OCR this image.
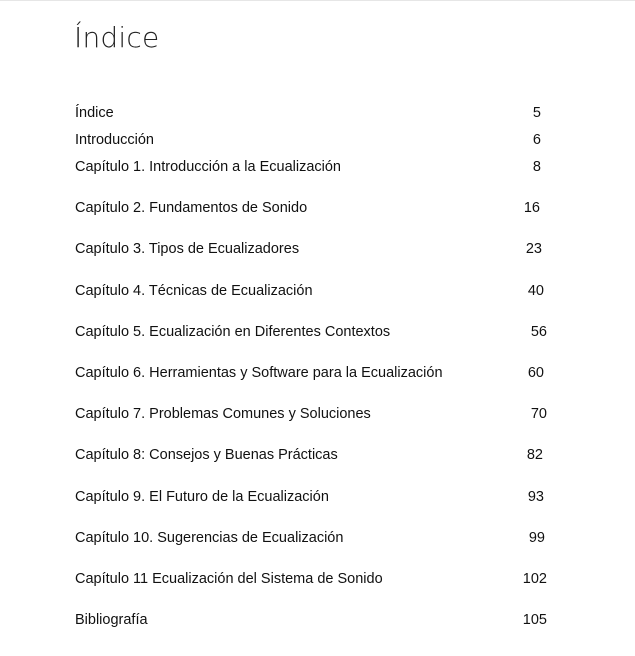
Índice
Índice	5
Introducción	6
Capítulo 1. Introducción a la Ecualización	8
Capítulo 2. Fundamentos de Sonido	16
Capítulo 3. Tipos de Ecualizadores	23
Capítulo 4. Técnicas de Ecualización	40
Capítulo 5. Ecualización en Diferentes Contextos	56
Capítulo 6. Herramientas y Software para la Ecualización	60
Capítulo 7. Problemas Comunes y Soluciones	70
Capítulo 8: Consejos y Buenas Prácticas	82
Capítulo 9. El Futuro de la Ecualización	93
Capítulo 10. Sugerencias de Ecualización	99
Capítulo 11 Ecualización del Sistema de Sonido	102
Bibliografía	105
